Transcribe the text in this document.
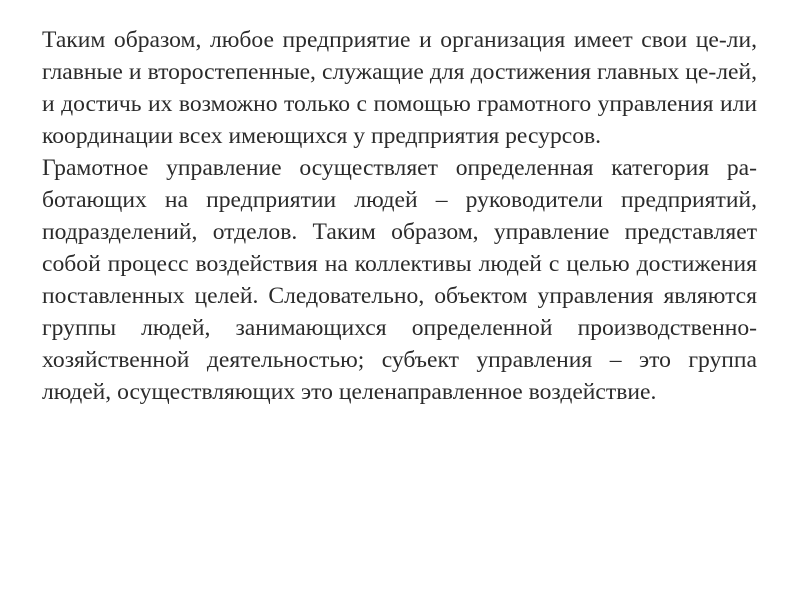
Таким образом, любое предприятие и организация имеет свои це-ли, главные и второстепенные, служащие для достижения главных це-лей, и достичь их возможно только с помощью грамотного управления или координации всех имеющихся у предприятия ресурсов.

Грамотное управление осуществляет определенная категория ра-ботающих на предприятии людей – руководители предприятий, подразделений, отделов. Таким образом, управление представляет собой процесс воздействия на коллективы людей с целью достижения поставленных целей. Следовательно, объектом управления являются группы людей, занимающихся определенной производственно-хозяйственной деятельностью; субъект управления – это группа людей, осуществляющих это целенаправленное воздействие.
